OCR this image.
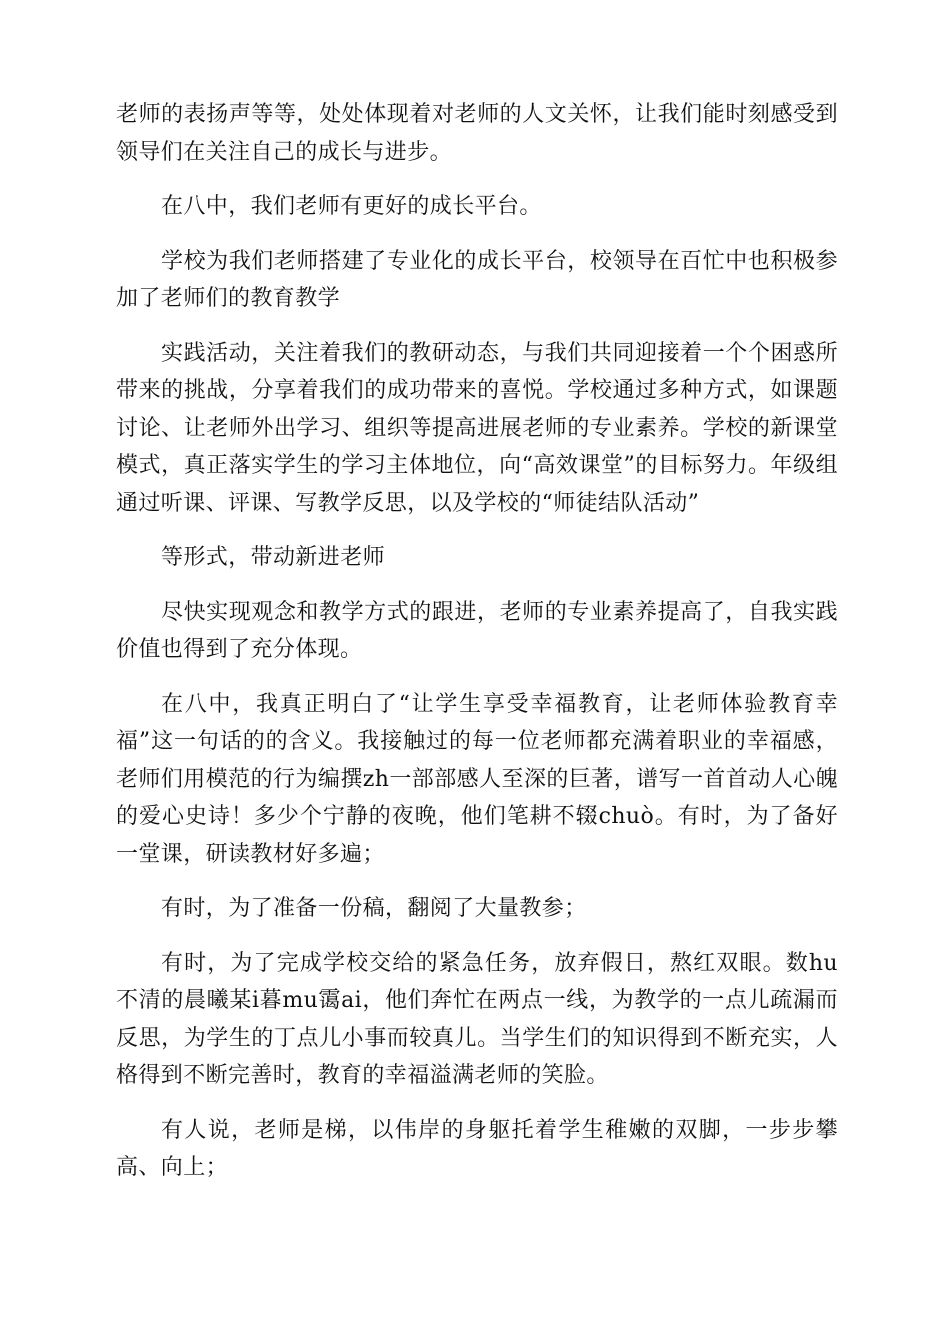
老师的表扬声等等，处处体现着对老师的人文关怀，让我们能时刻感受到领导们在关注自己的成长与进步。

在八中，我们老师有更好的成长平台。

学校为我们老师搭建了专业化的成长平台，校领导在百忙中也积极参加了老师们的教育教学

实践活动，关注着我们的教研动态，与我们共同迎接着一个个困惑所带来的挑战，分享着我们的成功带来的喜悦。学校通过多种方式，如课题讨论、让老师外出学习、组织等提高进展老师的专业素养。学校的新课堂模式，真正落实学生的学习主体地位，向“高效课堂”的目标努力。年级组通过听课、评课、写教学反思，以及学校的“师徒结队活动”

等形式，带动新进老师

尽快实现观念和教学方式的跟进，老师的专业素养提高了，自我实践价值也得到了充分体现。

在八中，我真正明白了“让学生享受幸福教育，让老师体验教育幸福”这一句话的的含义。我接触过的每一位老师都充满着职业的幸福感，老师们用模范的行为编撰zh一部部感人至深的巨著，谱写一首首动人心魄的爱心史诗！多少个宁静的夜晚，他们笔耕不辍chuò。有时，为了备好一堂课，研读教材好多遍；

有时，为了准备一份稿，翻阅了大量教参；

有时，为了完成学校交给的紧急任务，放弃假日，熬红双眼。数hu不清的晨曦某i暮mu霭ai，他们奔忙在两点一线，为教学的一点儿疏漏而反思，为学生的丁点儿小事而较真儿。当学生们的知识得到不断充实，人格得到不断完善时，教育的幸福溢满老师的笑脸。

有人说，老师是梯，以伟岸的身躯托着学生稚嫩的双脚，一步步攀高、向上；
